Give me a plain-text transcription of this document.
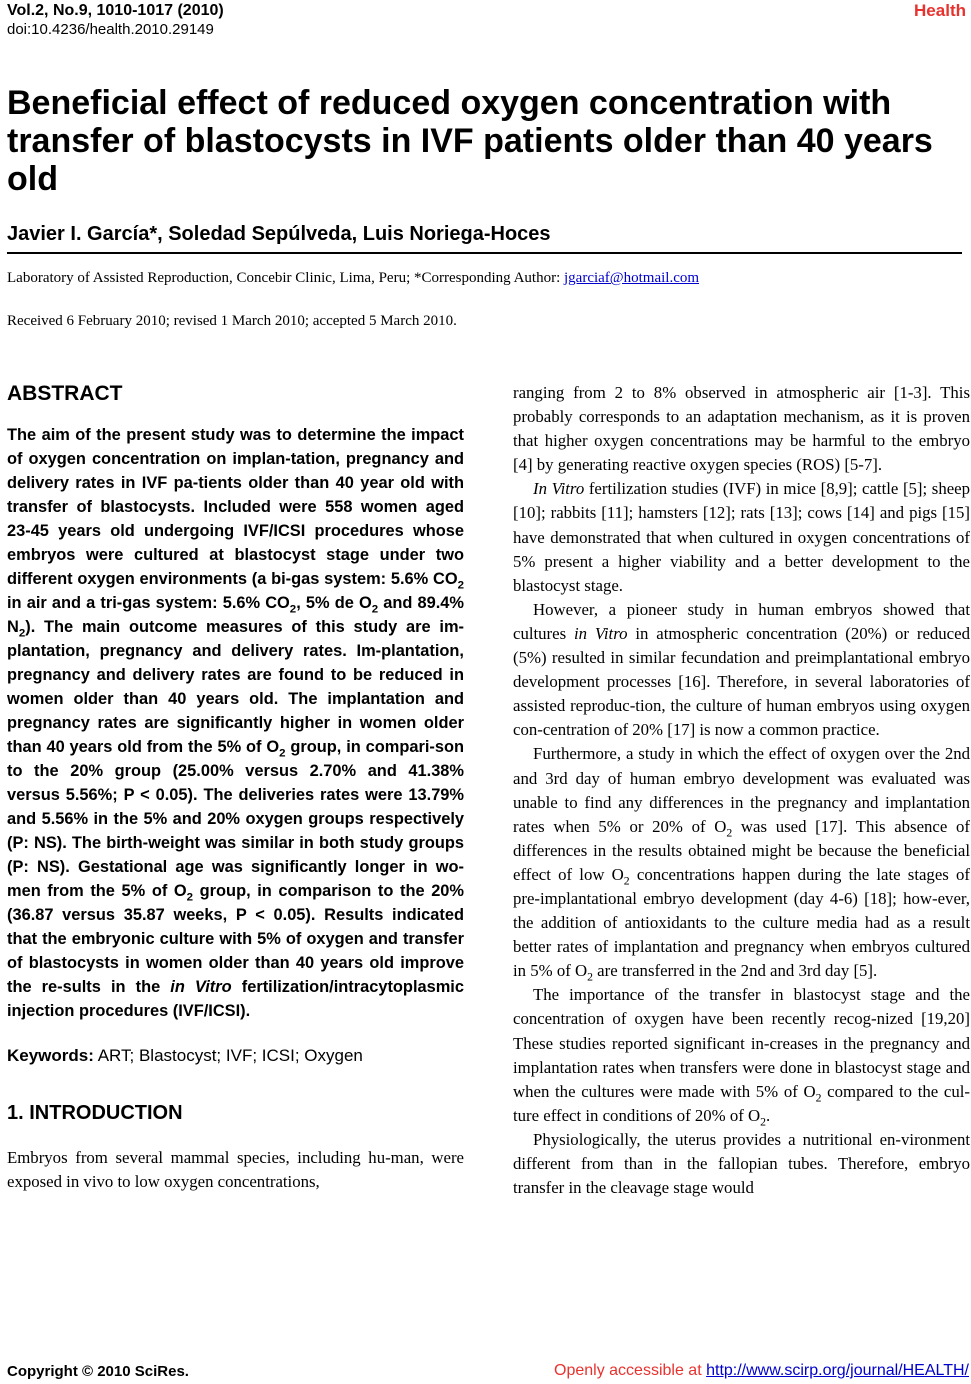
Vol.2, No.9, 1010-1017 (2010)
doi:10.4236/health.2010.29149
Health
Beneficial effect of reduced oxygen concentration with transfer of blastocysts in IVF patients older than 40 years old
Javier I. García*, Soledad Sepúlveda, Luis Noriega-Hoces
Laboratory of Assisted Reproduction, Concebir Clinic, Lima, Peru; *Corresponding Author: jgarciaf@hotmail.com
Received 6 February 2010; revised 1 March 2010; accepted 5 March 2010.
ABSTRACT
The aim of the present study was to determine the impact of oxygen concentration on implan-tation, pregnancy and delivery rates in IVF pa-tients older than 40 year old with transfer of blastocysts. Included were 558 women aged 23-45 years old undergoing IVF/ICSI procedures whose embryos were cultured at blastocyst stage under two different oxygen environments (a bi-gas system: 5.6% $CO_2$ in air and a tri-gas system: 5.6% $CO_2$, 5% de $O_2$ and 89.4% $N_2$). The main outcome measures of this study are im-plantation, pregnancy and delivery rates. Im-plantation, pregnancy and delivery rates are found to be reduced in women older than 40 years old. The implantation and pregnancy rates are significantly higher in women older than 40 years old from the 5% of $O_2$ group, in compari-son to the 20% group (25.00% versus 2.70% and 41.38% versus 5.56%; P < 0.05). The deliveries rates were 13.79% and 5.56% in the 5% and 20% oxygen groups respectively (P: NS). The birth-weight was similar in both study groups (P: NS). Gestational age was significantly longer in wo-men from the 5% of $O_2$ group, in comparison to the 20% (36.87 versus 35.87 weeks, P < 0.05). Results indicated that the embryonic culture with 5% of oxygen and transfer of blastocysts in women older than 40 years old improve the re-sults in the in Vitro fertilization/intracytoplasmic injection procedures (IVF/ICSI).
Keywords: ART; Blastocyst; IVF; ICSI; Oxygen
1. INTRODUCTION

Embryos from several mammal species, including hu-man, were exposed in vivo to low oxygen concentrations,

ranging from 2 to 8% observed in atmospheric air [1-3]. This probably corresponds to an adaptation mechanism, as it is proven that higher oxygen concentrations may be harmful to the embryo [4] by generating reactive oxygen species (ROS) [5-7].

In Vitro fertilization studies (IVF) in mice [8,9]; cattle [5]; sheep [10]; rabbits [11]; hamsters [12]; rats [13]; cows [14] and pigs [15] have demonstrated that when cultured in oxygen concentrations of 5% present a higher viability and a better development to the blastocyst stage.

However, a pioneer study in human embryos showed that cultures in Vitro in atmospheric concentration (20%) or reduced (5%) resulted in similar fecundation and preimplantational embryo development processes [16]. Therefore, in several laboratories of assisted reproduc-tion, the culture of human embryos using oxygen con-centration of 20% [17] is now a common practice.

Furthermore, a study in which the effect of oxygen over the 2nd and 3rd day of human embryo development was evaluated was unable to find any differences in the pregnancy and implantation rates when 5% or 20% of $O_2$ was used [17]. This absence of differences in the results obtained might be because the beneficial effect of low $O_2$ concentrations happen during the late stages of pre-implantational embryo development (day 4-6) [18]; how-ever, the addition of antioxidants to the culture media had as a result better rates of implantation and pregnancy when embryos cultured in 5% of $O_2$ are transferred in the 2nd and 3rd day [5].

The importance of the transfer in blastocyst stage and the concentration of oxygen have been recently recog-nized [19,20] These studies reported significant in-creases in the pregnancy and implantation rates when transfers were done in blastocyst stage and when the cultures were made with 5% of $O_2$ compared to the cul-ture effect in conditions of 20% of $O_2$.

Physiologically, the uterus provides a nutritional en-vironment different from than in the fallopian tubes. Therefore, embryo transfer in the cleavage stage would

Copyright © 2010 SciRes.	Openly accessible at http://www.scirp.org/journal/HEALTH/
